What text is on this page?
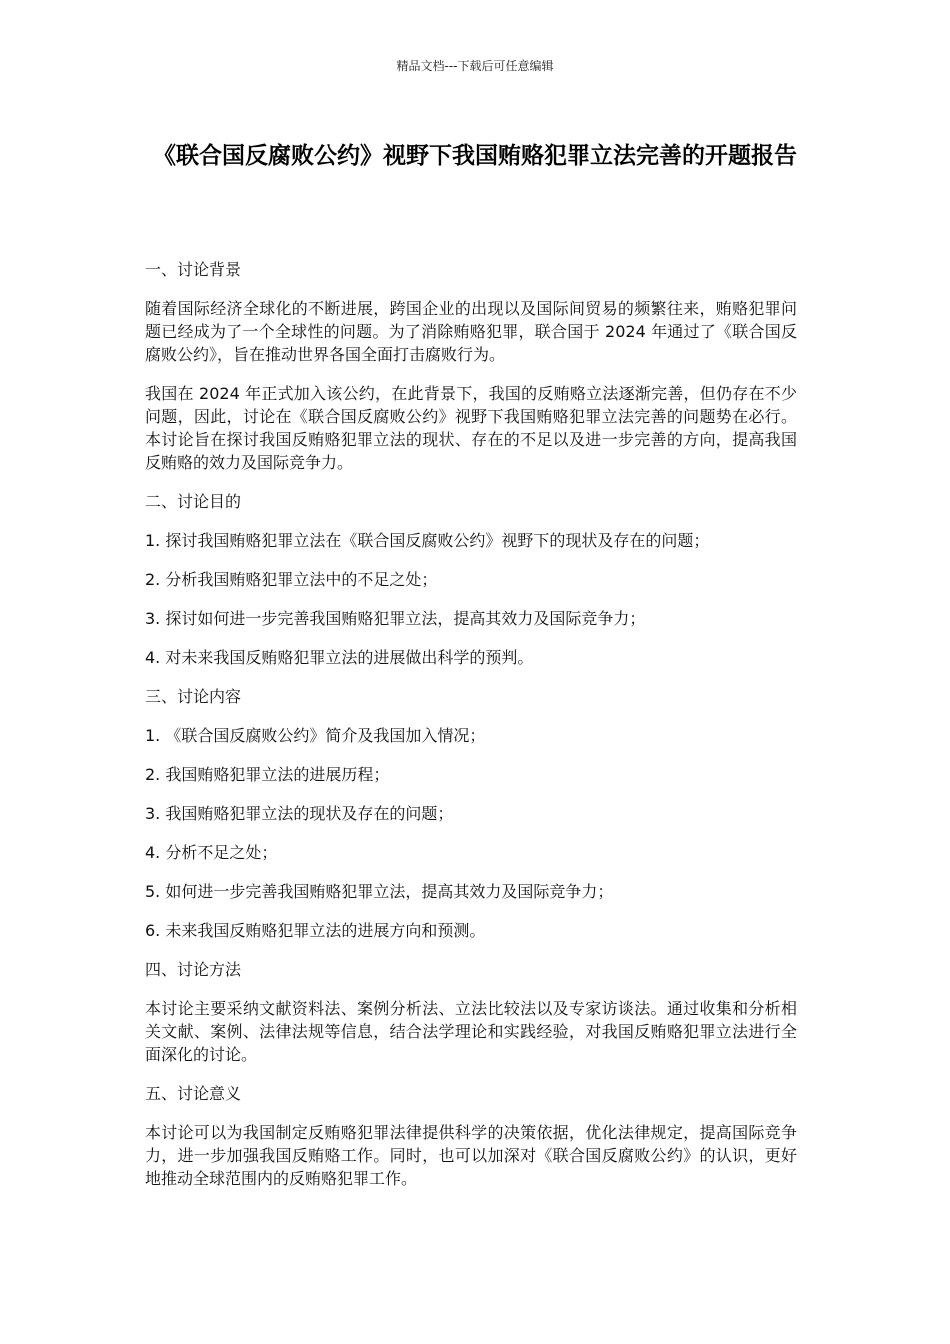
精品文档---下载后可任意编辑
《联合国反腐败公约》视野下我国贿赂犯罪立法完善的开题报告

一、讨论背景

随着国际经济全球化的不断进展，跨国企业的出现以及国际间贸易的频繁往来，贿赂犯罪问题已经成为了一个全球性的问题。为了消除贿赂犯罪，联合国于 2024 年通过了《联合国反腐败公约》，旨在推动世界各国全面打击腐败行为。

我国在 2024 年正式加入该公约，在此背景下，我国的反贿赂立法逐渐完善，但仍存在不少问题，因此，讨论在《联合国反腐败公约》视野下我国贿赂犯罪立法完善的问题势在必行。本讨论旨在探讨我国反贿赂犯罪立法的现状、存在的不足以及进一步完善的方向，提高我国反贿赂的效力及国际竞争力。

二、讨论目的

1. 探讨我国贿赂犯罪立法在《联合国反腐败公约》视野下的现状及存在的问题；

2. 分析我国贿赂犯罪立法中的不足之处；

3. 探讨如何进一步完善我国贿赂犯罪立法，提高其效力及国际竞争力；

4. 对未来我国反贿赂犯罪立法的进展做出科学的预判。

三、讨论内容

1. 《联合国反腐败公约》简介及我国加入情况；

2. 我国贿赂犯罪立法的进展历程；

3. 我国贿赂犯罪立法的现状及存在的问题；

4. 分析不足之处；

5. 如何进一步完善我国贿赂犯罪立法，提高其效力及国际竞争力；

6. 未来我国反贿赂犯罪立法的进展方向和预测。

四、讨论方法

本讨论主要采纳文献资料法、案例分析法、立法比较法以及专家访谈法。通过收集和分析相关文献、案例、法律法规等信息，结合法学理论和实践经验，对我国反贿赂犯罪立法进行全面深化的讨论。

五、讨论意义

本讨论可以为我国制定反贿赂犯罪法律提供科学的决策依据，优化法律规定，提高国际竞争力，进一步加强我国反贿赂工作。同时，也可以加深对《联合国反腐败公约》的认识，更好地推动全球范围内的反贿赂犯罪工作。
